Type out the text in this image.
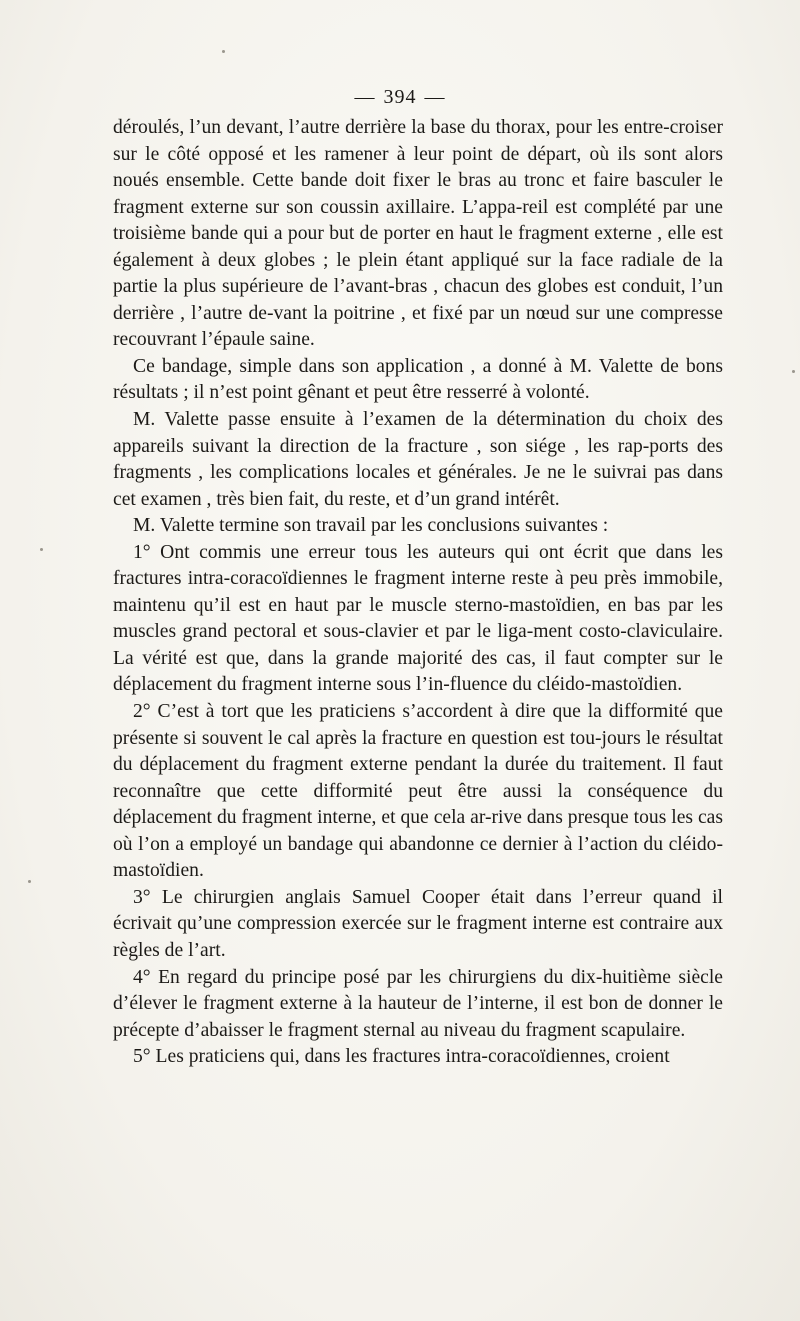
— 394 —

déroulés, l’un devant, l’autre derrière la base du thorax, pour les entre-croiser sur le côté opposé et les ramener à leur point de départ, où ils sont alors noués ensemble. Cette bande doit fixer le bras au tronc et faire basculer le fragment externe sur son coussin axillaire. L’appa-reil est complété par une troisième bande qui a pour but de porter en haut le fragment externe , elle est également à deux globes ; le plein étant appliqué sur la face radiale de la partie la plus supérieure de l’avant-bras , chacun des globes est conduit, l’un derrière , l’autre de-vant la poitrine , et fixé par un nœud sur une compresse recouvrant l’épaule saine.

Ce bandage, simple dans son application , a donné à M. Valette de bons résultats ; il n’est point gênant et peut être resserré à volonté.

M. Valette passe ensuite à l’examen de la détermination du choix des appareils suivant la direction de la fracture , son siége , les rap-ports des fragments , les complications locales et générales. Je ne le suivrai pas dans cet examen , très bien fait, du reste, et d’un grand intérêt.

M. Valette termine son travail par les conclusions suivantes :

1° Ont commis une erreur tous les auteurs qui ont écrit que dans les fractures intra-coracoïdiennes le fragment interne reste à peu près immobile, maintenu qu’il est en haut par le muscle sterno-mastoïdien, en bas par les muscles grand pectoral et sous-clavier et par le liga-ment costo-claviculaire. La vérité est que, dans la grande majorité des cas, il faut compter sur le déplacement du fragment interne sous l’in-fluence du cléido-mastoïdien.

2° C’est à tort que les praticiens s’accordent à dire que la difformité que présente si souvent le cal après la fracture en question est tou-jours le résultat du déplacement du fragment externe pendant la durée du traitement. Il faut reconnaître que cette difformité peut être aussi la conséquence du déplacement du fragment interne, et que cela ar-rive dans presque tous les cas où l’on a employé un bandage qui abandonne ce dernier à l’action du cléido-mastoïdien.

3° Le chirurgien anglais Samuel Cooper était dans l’erreur quand il écrivait qu’une compression exercée sur le fragment interne est contraire aux règles de l’art.

4° En regard du principe posé par les chirurgiens du dix-huitième siècle d’élever le fragment externe à la hauteur de l’interne, il est bon de donner le précepte d’abaisser le fragment sternal au niveau du fragment scapulaire.

5° Les praticiens qui, dans les fractures intra-coracoïdiennes, croient
